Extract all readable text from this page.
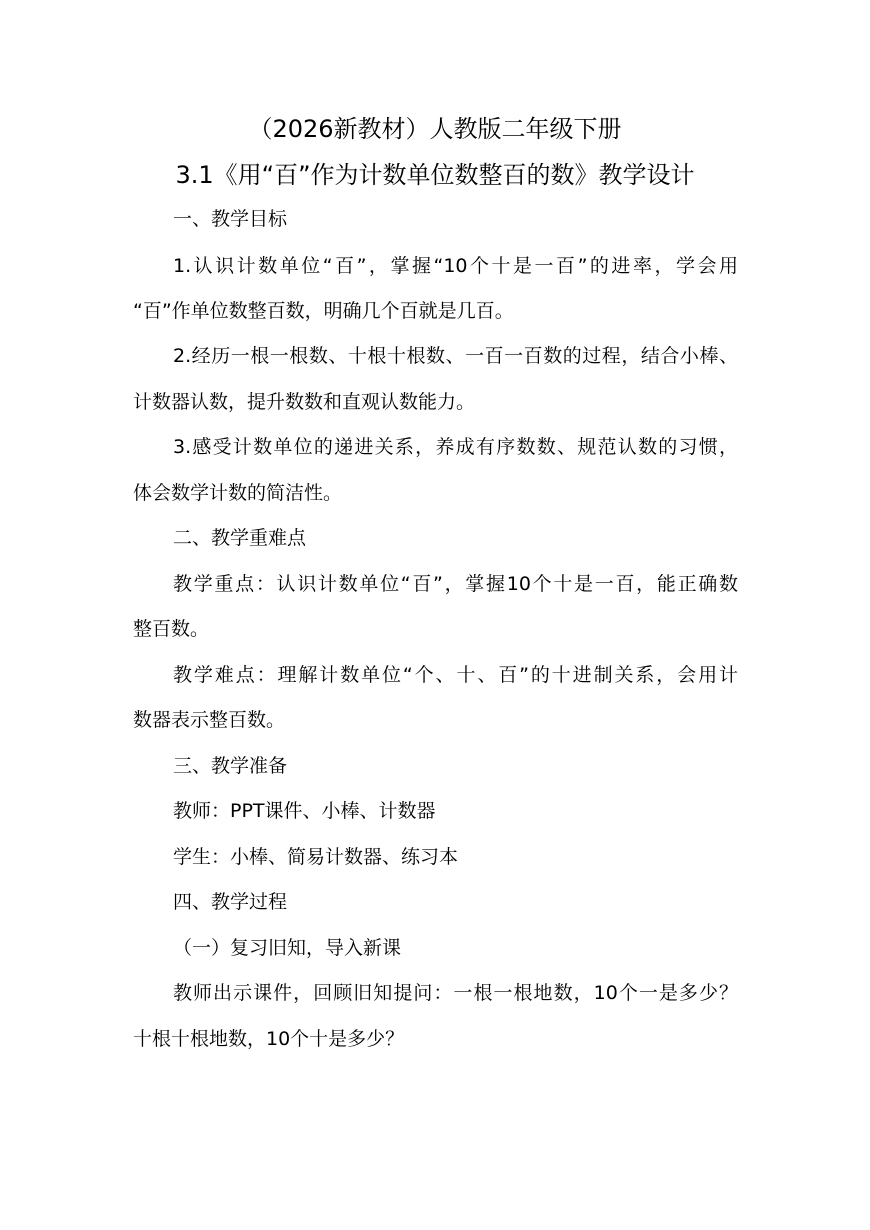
（2026新教材）人教版二年级下册
3.1《用“百”作为计数单位数整百的数》教学设计
一、教学目标
1.认识计数单位“百”，掌握“10个十是一百”的进率，学会用
“百”作单位数整百数，明确几个百就是几百。
2.经历一根一根数、十根十根数、一百一百数的过程，结合小棒、
计数器认数，提升数数和直观认数能力。
3.感受计数单位的递进关系，养成有序数数、规范认数的习惯，
体会数学计数的简洁性。
二、教学重难点
教学重点：认识计数单位“百”，掌握10个十是一百，能正确数
整百数。
教学难点：理解计数单位“个、十、百”的十进制关系，会用计
数器表示整百数。
三、教学准备
教师：PPT课件、小棒、计数器
学生：小棒、简易计数器、练习本
四、教学过程
（一）复习旧知，导入新课
教师出示课件，回顾旧知提问：一根一根地数，10个一是多少？
十根十根地数，10个十是多少？
